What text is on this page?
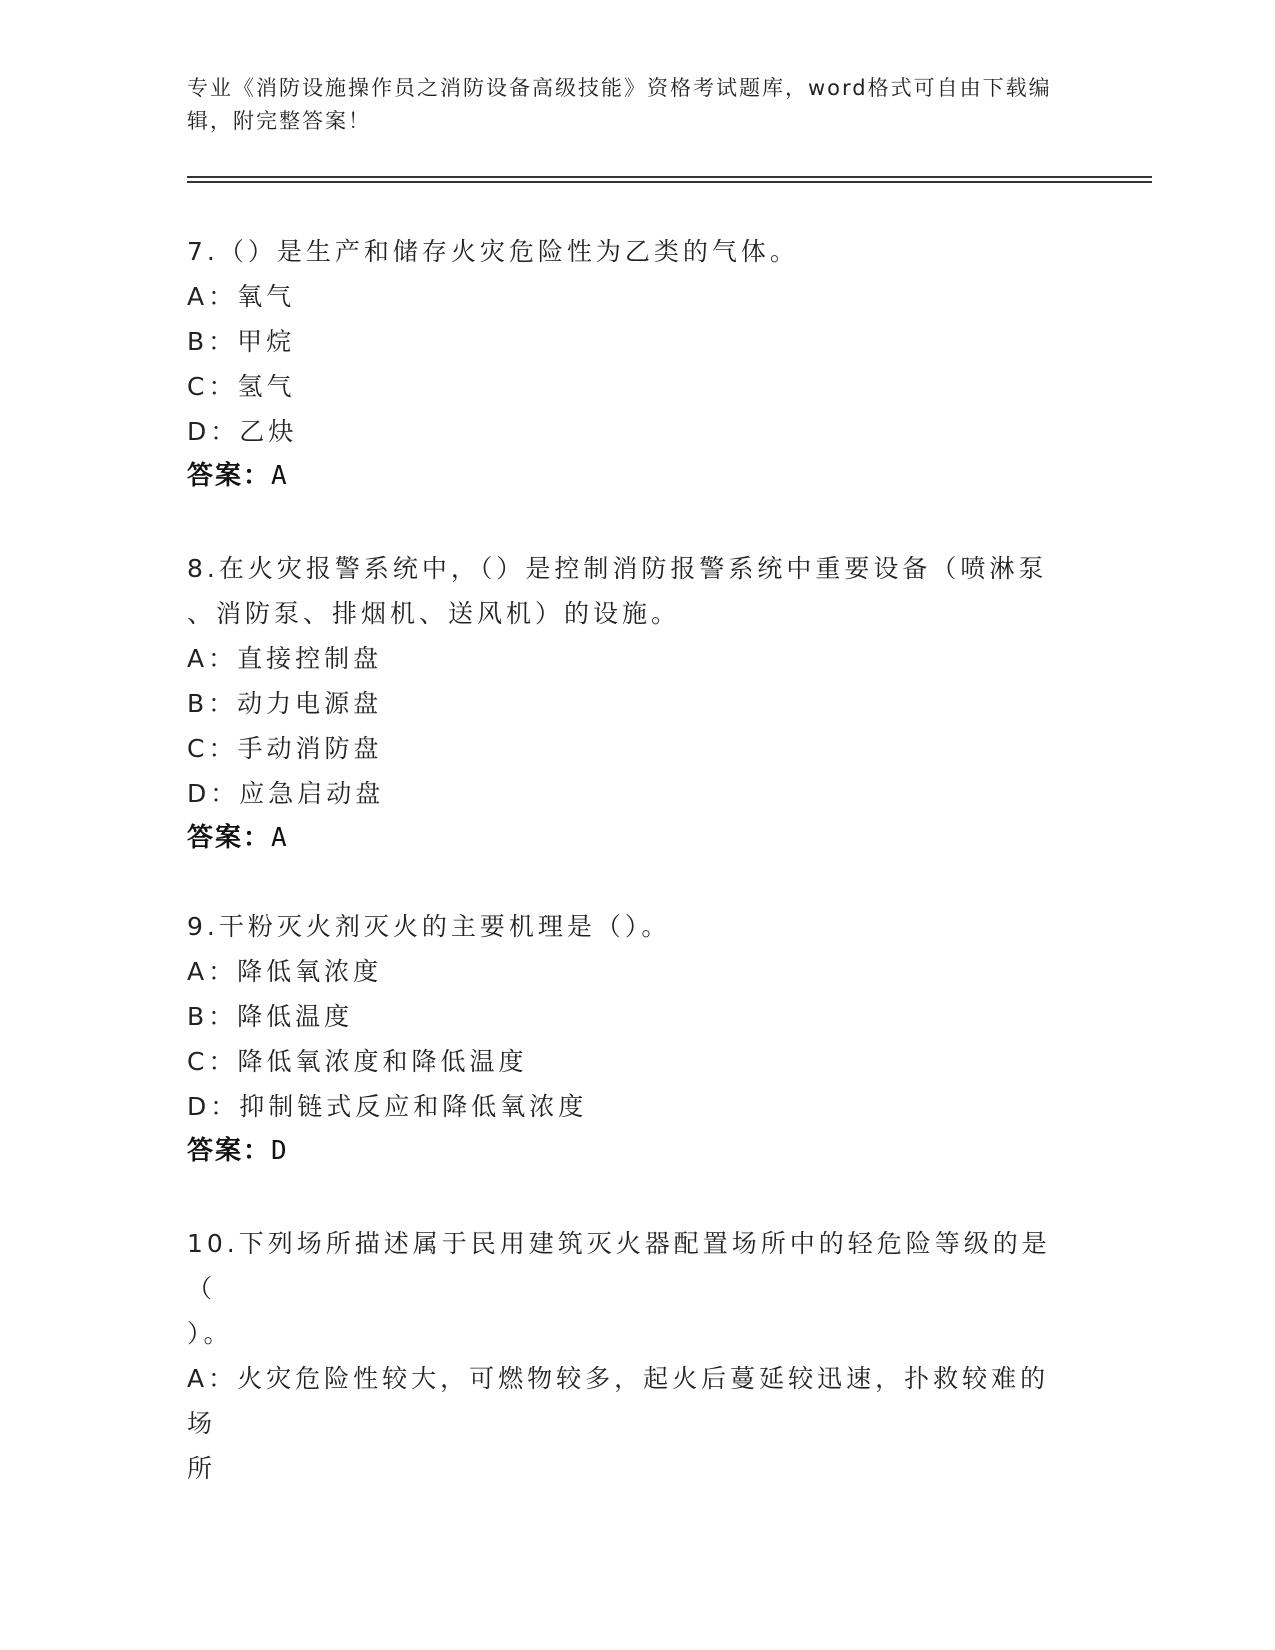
专业《消防设施操作员之消防设备高级技能》资格考试题库，word格式可自由下载编辑，附完整答案！
7.（）是生产和储存火灾危险性为乙类的气体。
A：氧气
B：甲烷
C：氢气
D：乙炔
答案：A
8.在火灾报警系统中，（）是控制消防报警系统中重要设备（喷淋泵
、消防泵、排烟机、送风机）的设施。
A：直接控制盘
B：动力电源盘
C：手动消防盘
D：应急启动盘
答案：A
9.干粉灭火剂灭火的主要机理是（）。
A：降低氧浓度
B：降低温度
C：降低氧浓度和降低温度
D：抑制链式反应和降低氧浓度
答案：D
10.下列场所描述属于民用建筑灭火器配置场所中的轻危险等级的是（
）。
A：火灾危险性较大，可燃物较多，起火后蔓延较迅速，扑救较难的场
所
